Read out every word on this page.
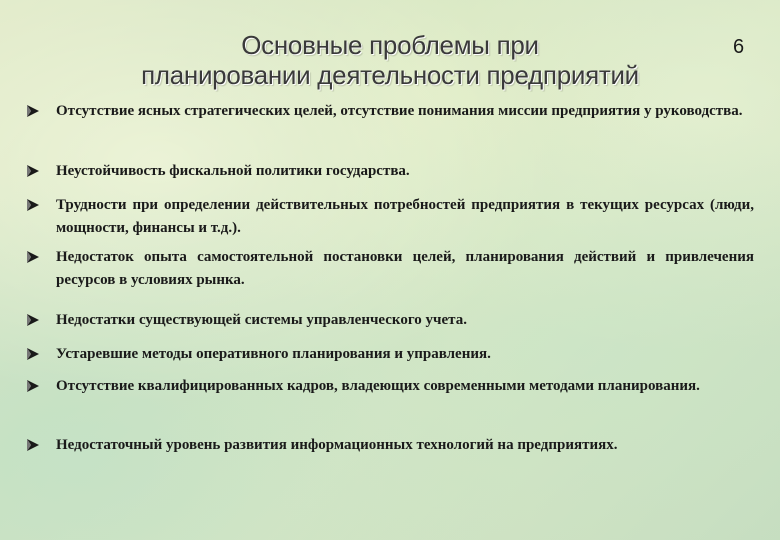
Основные проблемы при
планировании деятельности предприятий
6
Отсутствие ясных стратегических целей, отсутствие понимания миссии предприятия у руководства.
Неустойчивость фискальной политики государства.
Трудности при определении действительных потребностей предприятия в текущих ресурсах (люди, мощности, финансы и т.д.).
Недостаток опыта самостоятельной постановки целей, планирования действий и привлечения ресурсов в условиях рынка.
Недостатки существующей системы управленческого учета.
Устаревшие методы оперативного планирования и управления.
Отсутствие квалифицированных кадров, владеющих современными методами планирования.
Недостаточный уровень развития информационных технологий на предприятиях.
